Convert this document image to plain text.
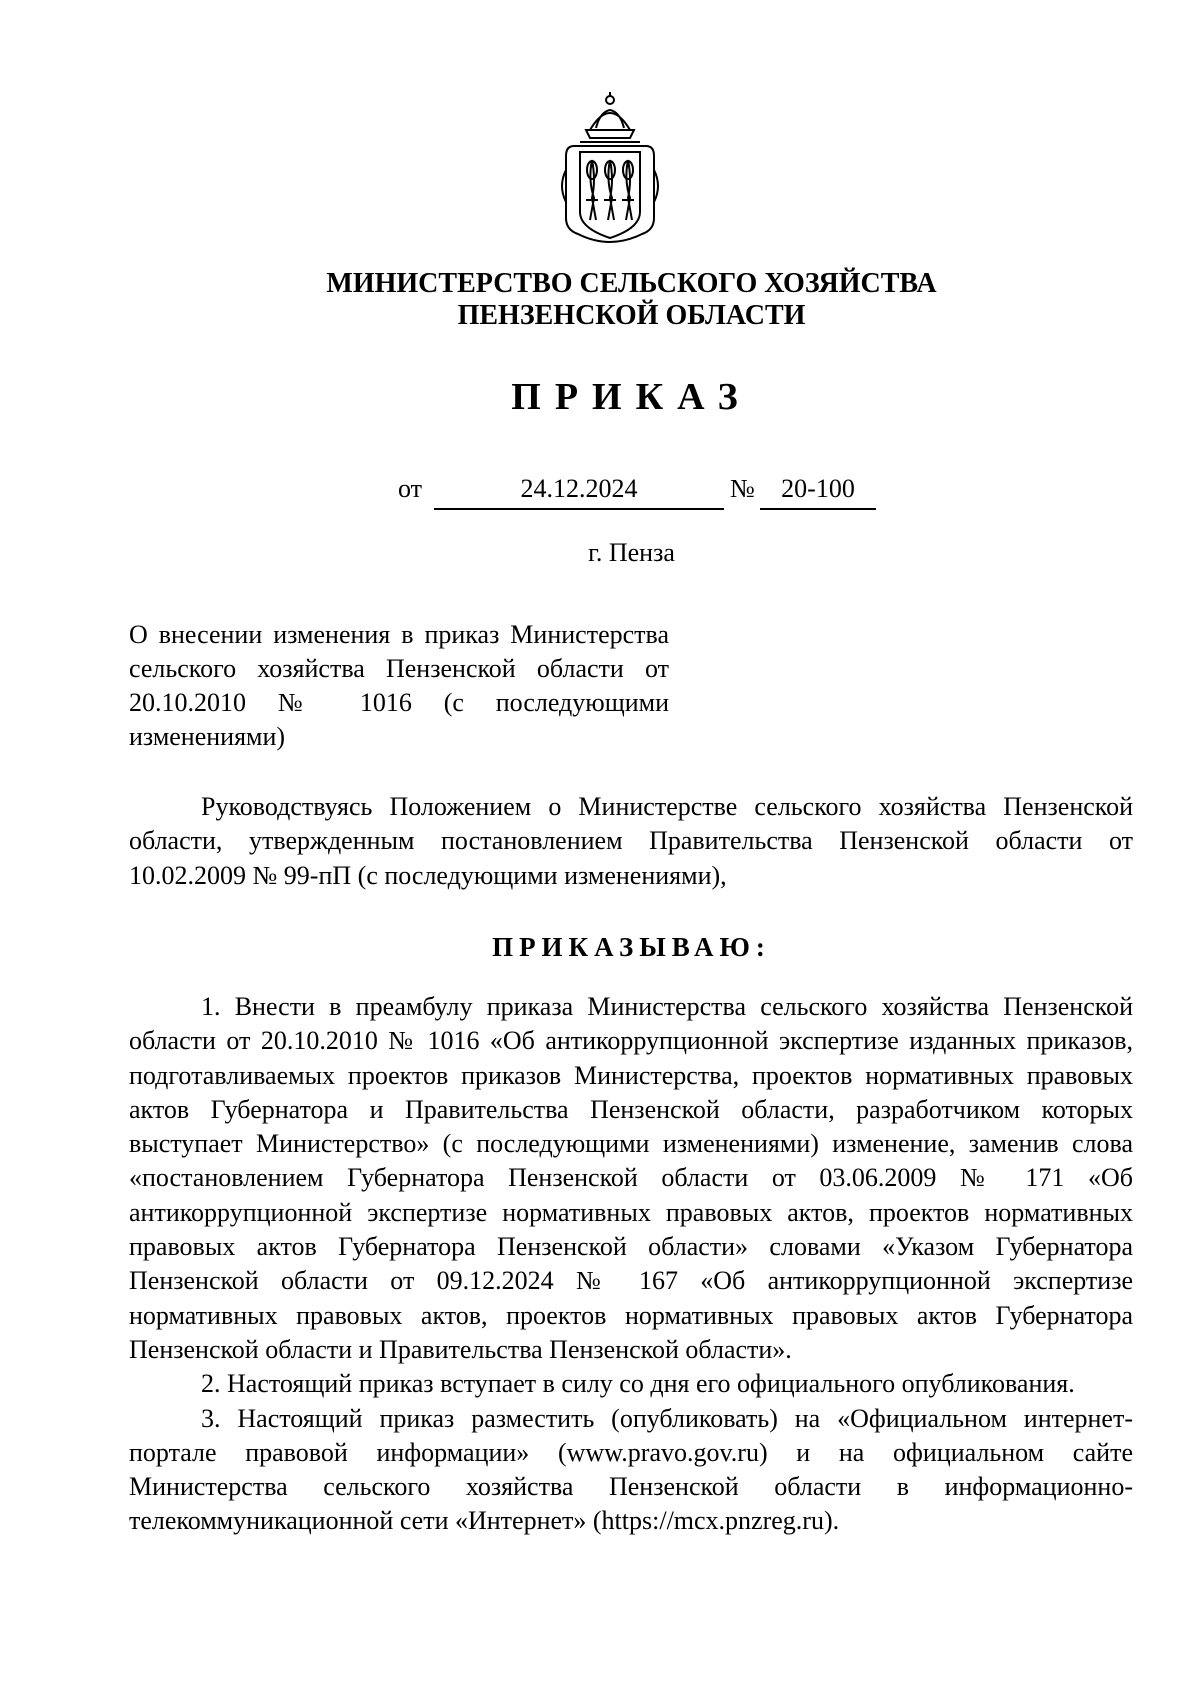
МИНИСТЕРСТВО СЕЛЬСКОГО ХОЗЯЙСТВА
ПЕНЗЕНСКОЙ ОБЛАСТИ
ПРИКАЗ
от	24.12.2024	№	20-100
г. Пенза
О внесении изменения в приказ Министерства сельского хозяйства Пензенской области от 20.10.2010 № 1016 (с последующими изменениями)

Руководствуясь Положением о Министерстве сельского хозяйства Пензенской области, утвержденным постановлением Правительства Пензенской области от 10.02.2009 № 99-пП (с последующими изменениями),

ПРИКАЗЫВАЮ:

1. Внести в преамбулу приказа Министерства сельского хозяйства Пензенской области от 20.10.2010 № 1016 «Об антикоррупционной экспертизе изданных приказов, подготавливаемых проектов приказов Министерства, проектов нормативных правовых актов Губернатора и Правительства Пензенской области, разработчиком которых выступает Министерство» (с последующими изменениями) изменение, заменив слова «постановлением Губернатора Пензенской области от 03.06.2009 № 171 «Об антикоррупционной экспертизе нормативных правовых актов, проектов нормативных правовых актов Губернатора Пензенской области» словами «Указом Губернатора Пензенской области от 09.12.2024 № 167 «Об антикоррупционной экспертизе нормативных правовых актов, проектов нормативных правовых актов Губернатора Пензенской области и Правительства Пензенской области».

2. Настоящий приказ вступает в силу со дня его официального опубликования.

3. Настоящий приказ разместить (опубликовать) на «Официальном интернет-портале правовой информации» (www.pravo.gov.ru) и на официальном сайте Министерства сельского хозяйства Пензенской области в информационно-телекоммуникационной сети «Интернет» (https://mcx.pnzreg.ru).
